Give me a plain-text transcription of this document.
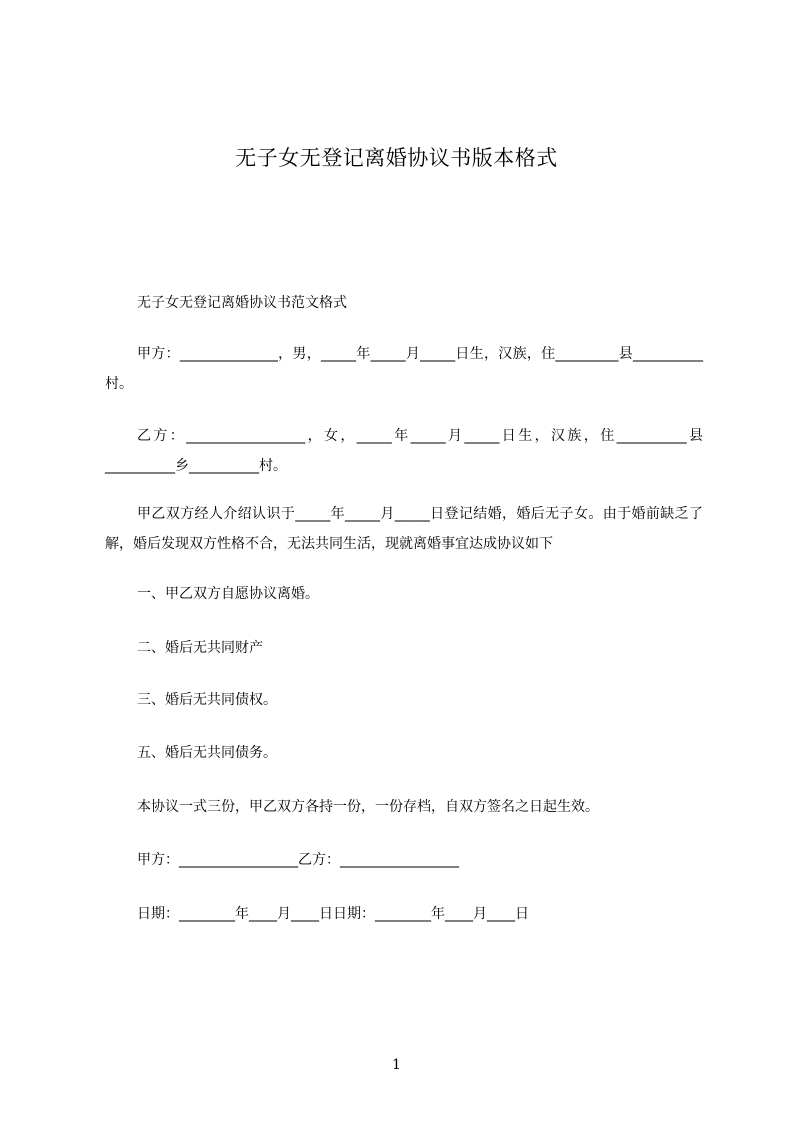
无子女无登记离婚协议书版本格式
无子女无登记离婚协议书范文格式
甲方：______________，男，_____年_____月_____日生，汉族，住_________县__________村。
乙方：_________________，女，_____年_____月_____日生，汉族，住__________县__________乡__________村。
甲乙双方经人介绍认识于_____年_____月_____日登记结婚，婚后无子女。由于婚前缺乏了解，婚后发现双方性格不合，无法共同生活，现就离婚事宜达成协议如下
一、甲乙双方自愿协议离婚。
二、婚后无共同财产
三、婚后无共同债权。
五、婚后无共同债务。
本协议一式三份，甲乙双方各持一份，一份存档，自双方签名之日起生效。
甲方：_________________乙方：_________________
日期：________年____月____日日期：________年____月____日
1
